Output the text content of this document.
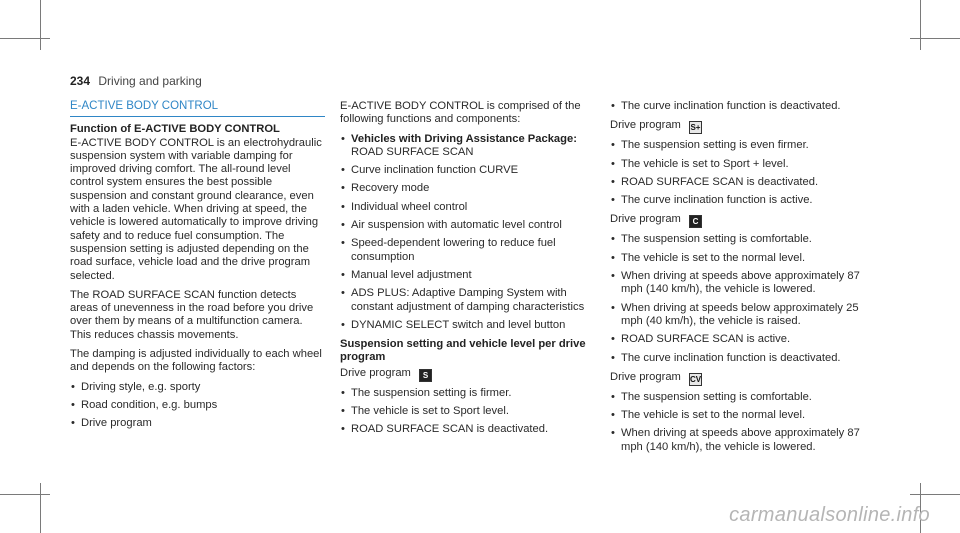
234 Driving and parking
E-ACTIVE BODY CONTROL
Function of E-ACTIVE BODY CONTROL

E-ACTIVE BODY CONTROL is an electrohydraulic suspension system with variable damping for improved driving comfort. The all-round level control system ensures the best possible suspension and constant ground clearance, even with a laden vehicle. When driving at speed, the vehicle is lowered automatically to improve driving safety and to reduce fuel consumption. The suspension setting is adjusted depending on the road surface, vehicle load and the drive program selected.

The ROAD SURFACE SCAN function detects areas of unevenness in the road before you drive over them by means of a multifunction camera. This reduces chassis movements.

The damping is adjusted individually to each wheel and depends on the following factors:

• Driving style, e.g. sporty
• Road condition, e.g. bumps
• Drive program

E-ACTIVE BODY CONTROL is comprised of the following functions and components:

• Vehicles with Driving Assistance Package:
ROAD SURFACE SCAN
• Curve inclination function CURVE
• Recovery mode
• Individual wheel control
• Air suspension with automatic level control
• Speed-dependent lowering to reduce fuel consumption
• Manual level adjustment
• ADS PLUS: Adaptive Damping System with constant adjustment of damping characteristics
• DYNAMIC SELECT switch and level button
Suspension setting and vehicle level per drive program
Drive program S
• The suspension setting is firmer.
• The vehicle is set to Sport level.
• ROAD SURFACE SCAN is deactivated.
• The curve inclination function is deactivated.
Drive program S+
• The suspension setting is even firmer.
• The vehicle is set to Sport + level.
• ROAD SURFACE SCAN is deactivated.
• The curve inclination function is active.
Drive program C
• The suspension setting is comfortable.
• The vehicle is set to the normal level.
• When driving at speeds above approximately 87 mph (140 km/h), the vehicle is lowered.
• When driving at speeds below approximately 25 mph (40 km/h), the vehicle is raised.
• ROAD SURFACE SCAN is active.
• The curve inclination function is deactivated.
Drive program CV
• The suspension setting is comfortable.
• The vehicle is set to the normal level.
• When driving at speeds above approximately 87 mph (140 km/h), the vehicle is lowered.
carmanualsonline.info
